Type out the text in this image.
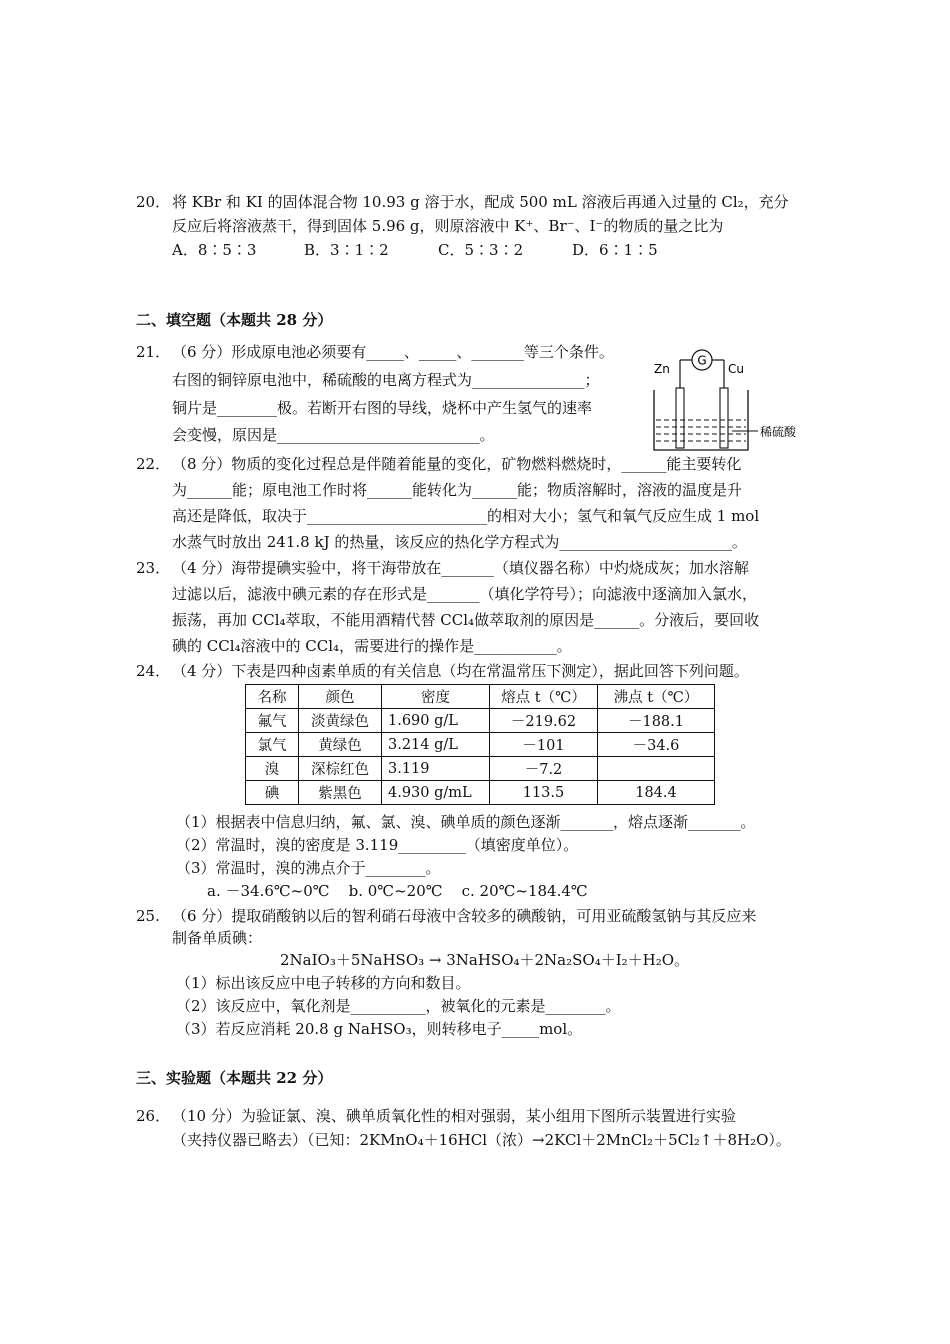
20． 将 KBr 和 KI 的固体混合物 10.93 g 溶于水，配成 500 mL 溶液后再通入过量的 Cl₂，充分
反应后将溶液蒸干，得到固体 5.96 g，则原溶液中 K⁺、Br⁻、I⁻的物质的量之比为
A．8∶5∶3	B．3∶1∶2	C．5∶3∶2	D．6∶1∶5
二、填空题（本题共 28 分）
21． （6 分）形成原电池必须要有_____、_____、_______等三个条件。
右图的铜锌原电池中，稀硫酸的电离方程式为_______________；
铜片是________极。若断开右图的导线，烧杯中产生氢气的速率
会变慢，原因是___________________________。
G
Zn	Cu
稀硫酸
22． （8 分）物质的变化过程总是伴随着能量的变化，矿物燃料燃烧时，______能主要转化
为______能；原电池工作时将______能转化为______能；物质溶解时，溶液的温度是升
高还是降低，取决于________________________的相对大小；氢气和氧气反应生成 1 mol
水蒸气时放出 241.8 kJ 的热量，该反应的热化学方程式为_______________________。
23． （4 分）海带提碘实验中，将干海带放在_______（填仪器名称）中灼烧成灰；加水溶解
过滤以后，滤液中碘元素的存在形式是_______（填化学符号）；向滤液中逐滴加入氯水，
振荡，再加 CCl₄萃取，不能用酒精代替 CCl₄做萃取剂的原因是______。分液后，要回收
碘的 CCl₄溶液中的 CCl₄，需要进行的操作是___________。
24． （4 分）下表是四种卤素单质的有关信息（均在常温常压下测定），据此回答下列问题。
名称	颜色	密度	熔点 t（℃）	沸点 t（℃）
氟气	淡黄绿色	1.690 g/L	－219.62	－188.1
氯气	黄绿色	3.214 g/L	－101	－34.6
溴	深棕红色	3.119	－7.2	
碘	紫黑色	4.930 g/mL	113.5	184.4
（1）根据表中信息归纳，氟、氯、溴、碘单质的颜色逐渐_______，熔点逐渐_______。
（2）常温时，溴的密度是 3.119_________（填密度单位）。
（3）常温时，溴的沸点介于________。
a. －34.6℃~0℃    b. 0℃~20℃    c. 20℃~184.4℃
25. （6 分）提取硝酸钠以后的智利硝石母液中含较多的碘酸钠，可用亚硫酸氢钠与其反应来
制备单质碘：
2NaIO₃＋5NaHSO₃ → 3NaHSO₄＋2Na₂SO₄＋I₂＋H₂O。
（1）标出该反应中电子转移的方向和数目。
（2）该反应中，氧化剂是__________，被氧化的元素是________。
（3）若反应消耗 20.8 g NaHSO₃，则转移电子_____mol。
三、实验题（本题共 22 分）
26． （10 分）为验证氯、溴、碘单质氧化性的相对强弱，某小组用下图所示装置进行实验
（夹持仪器已略去）（已知：2KMnO₄＋16HCl（浓）→2KCl＋2MnCl₂＋5Cl₂↑＋8H₂O）。
